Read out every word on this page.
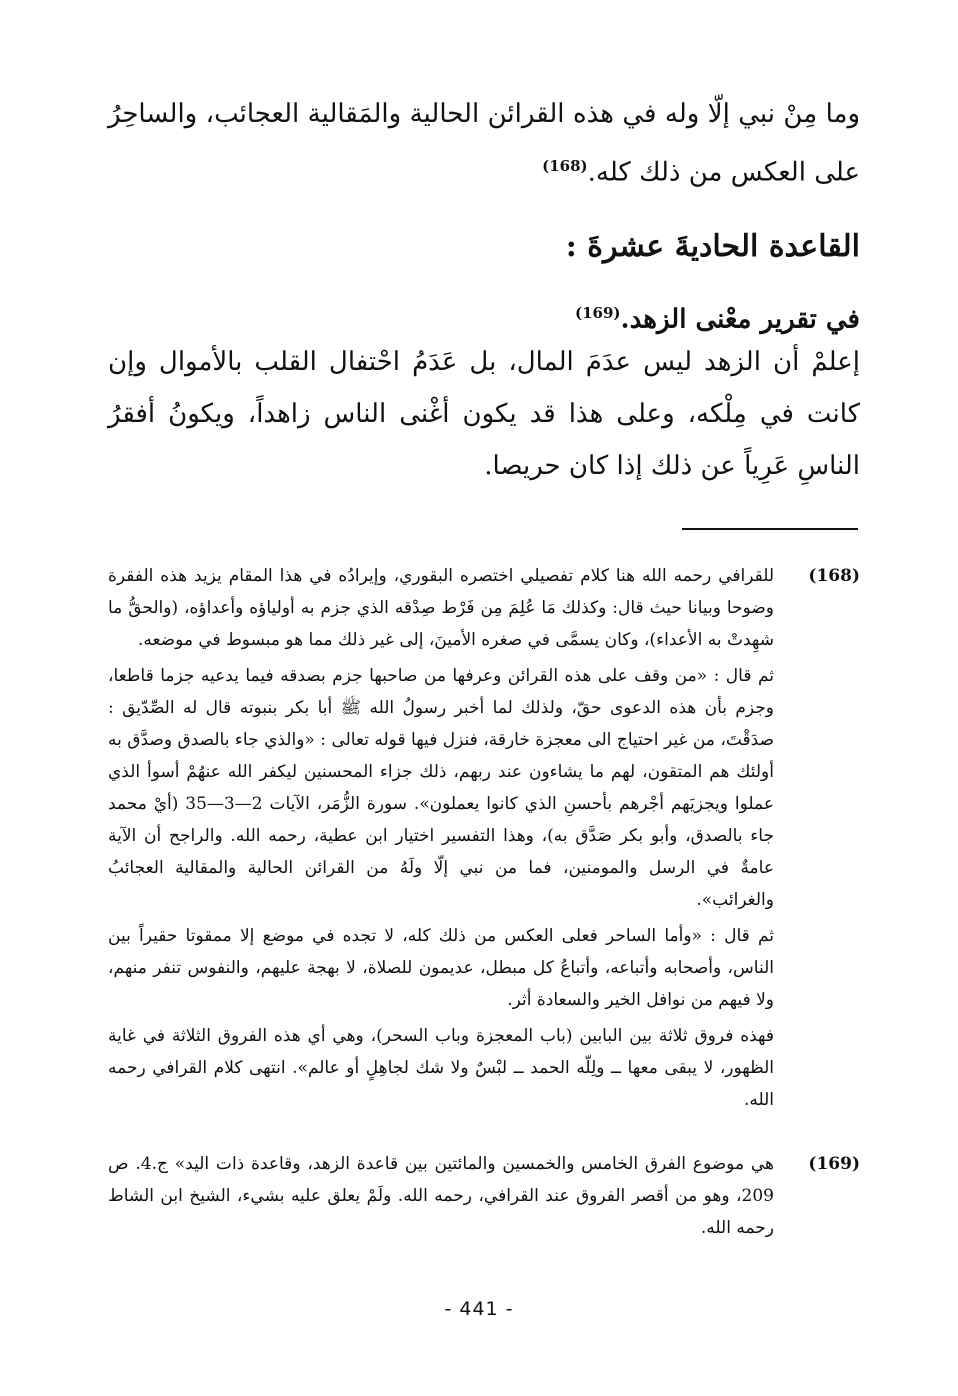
وما مِنْ نبي إلّا وله في هذه القرائن الحالية والمَقالية العجائب، والساحِرُ على العكس من ذلك كله.$^{(168)}$
القاعدة الحاديةَ عشرةَ :
في تقرير معْنى الزهد.$^{(169)}$
إعلمْ أن الزهد ليس عدَمَ المال، بل عَدَمُ احْتفال القلب بالأموال وإن كانت في مِلْكه، وعلى هذا قد يكون أغْنى الناس زاهداً، ويكونُ أفقرُ الناسِ عَرِياً عن ذلك إذا كان حريصا.
(168)

للقرافي رحمه الله هنا كلام تفصيلي اختصره البقوري، وإيرادُه في هذا المقام يزيد هذه الفقرة وضوحا وبيانا حيث قال: وكذلك مَا عُلِمَ مِن فَرْط صِدْقه الذي جزم به أولياؤه وأعداؤه، (والحقُّ ما شهِدتْ به الأعداء)، وكان يسمَّى في صغره الأمينَ، إلى غير ذلك مما هو مبسوط في موضعه.

ثم قال : «من وقف على هذه القرائن وعرفها من صاحبها جزم بصدقه فيما يدعيه جزما قاطعا، وجزم بأن هذه الدعوى حقّ، ولذلك لما أخبر رسولُ الله ﷺ أبا بكر بنبوته قال له الصِّدّيق : صدَقْتَ، من غير احتياج الى معجزة خارقة، فنزل فيها قوله تعالى : «والذي جاء بالصدق وصدَّق به أولئك هم المتقون، لهم ما يشاءون عند ربهم، ذلك جزاء المحسنين ليكفر الله عنهُمْ أسوأ الذي عملوا ويجزيَهم أجْرهم بأحسنِ الذي كانوا يعملون». سورة الزُّمَر، الآيات 2—3—35 (أيْ محمد جاء بالصدق، وأبو بكر صَدَّق به)، وهذا التفسير اختيار ابن عطية، رحمه الله. والراجح أن الآية عامةٌ في الرسل والمومنين، فما من نبي إلّا ولَهُ من القرائن الحالية والمقالية العجائبُ والغرائب».

ثم قال : «وأما الساحر فعلى العكس من ذلك كله، لا تجده في موضع إلا ممقوتا حقيراً بين الناس، وأصحابه وأتباعه، وأتباعُ كل مبطل، عديمون للصلاة، لا بهجة عليهم، والنفوس تنفر منهم، ولا فيهم من نوافل الخير والسعادة أثر.

فهذه فروق ثلاثة بين البابين (باب المعجزة وباب السحر)، وهي أي هذه الفروق الثلاثة في غاية الظهور، لا يبقى معها ــ ولِلّه الحمد ــ لبْسٌ ولا شك لجاهِلٍ أو عالم». انتهى كلام القرافي رحمه الله.

(169)

هي موضوع الفرق الخامس والخمسين والمائتين بين قاعدة الزهد، وقاعدة ذات اليد» ج.4. ص 209، وهو من أقصر الفروق عند القرافي، رحمه الله. ولَمْ يعلق عليه بشيء، الشيخ ابن الشاط رحمه الله.

- 441 -
